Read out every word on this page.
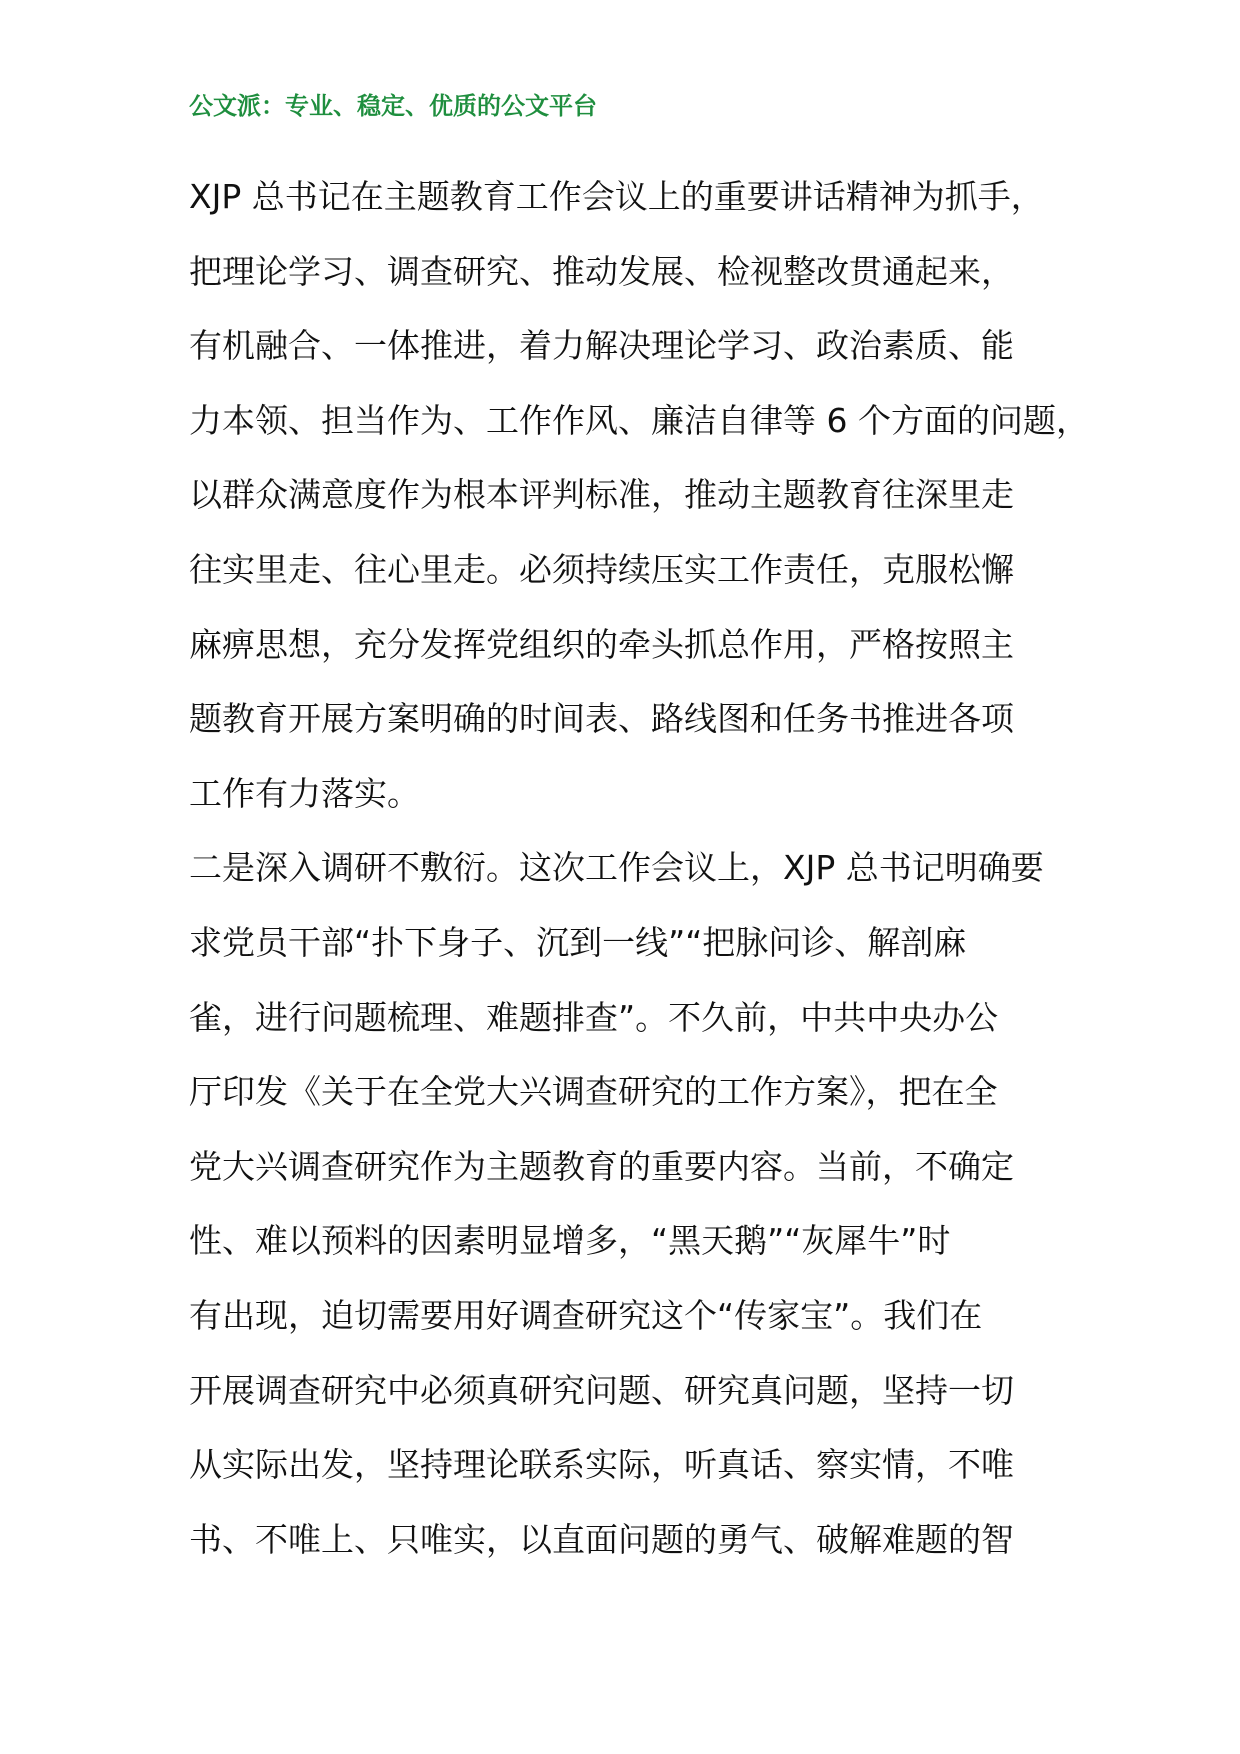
公文派：专业、稳定、优质的公文平台
XJP 总书记在主题教育工作会议上的重要讲话精神为抓手，
把理论学习、调查研究、推动发展、检视整改贯通起来，
有机融合、一体推进，着力解决理论学习、政治素质、能
力本领、担当作为、工作作风、廉洁自律等 6 个方面的问题，
以群众满意度作为根本评判标准，推动主题教育往深里走
往实里走、往心里走。必须持续压实工作责任，克服松懈
麻痹思想，充分发挥党组织的牵头抓总作用，严格按照主
题教育开展方案明确的时间表、路线图和任务书推进各项
工作有力落实。
二是深入调研不敷衍。这次工作会议上，XJP 总书记明确要
求党员干部“扑下身子、沉到一线”“把脉问诊、解剖麻
雀，进行问题梳理、难题排查”。不久前，中共中央办公
厅印发《关于在全党大兴调查研究的工作方案》，把在全
党大兴调查研究作为主题教育的重要内容。当前，不确定
性、难以预料的因素明显增多，“黑天鹅”“灰犀牛”时
有出现，迫切需要用好调查研究这个“传家宝”。我们在
开展调查研究中必须真研究问题、研究真问题，坚持一切
从实际出发，坚持理论联系实际，听真话、察实情，不唯
书、不唯上、只唯实，以直面问题的勇气、破解难题的智
